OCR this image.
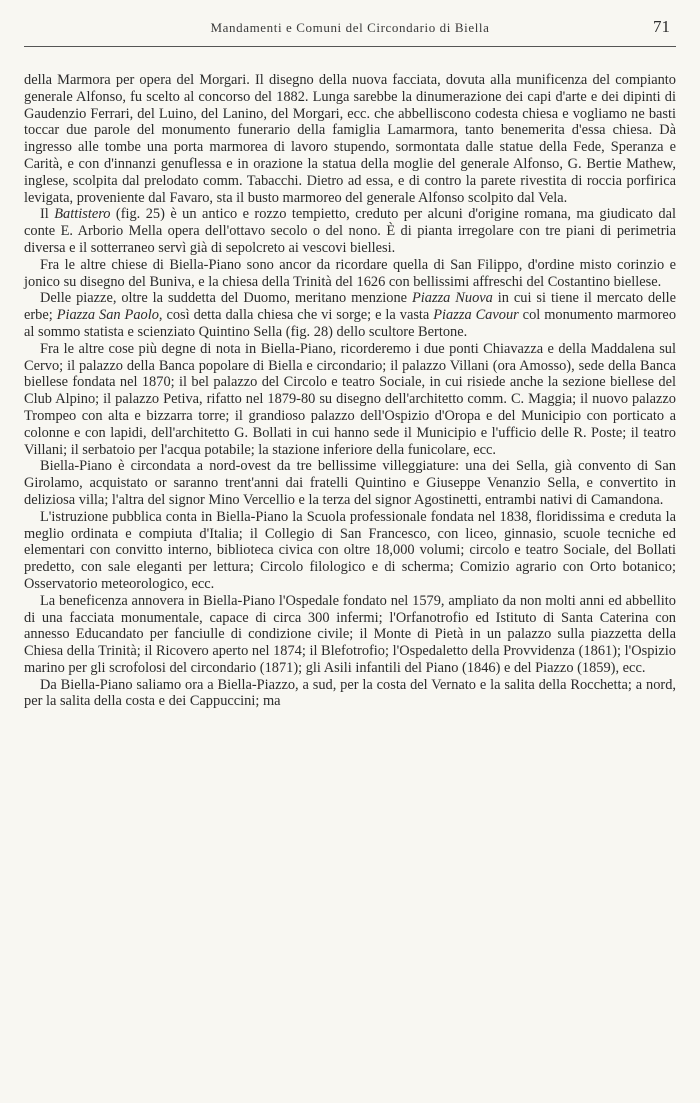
Mandamenti e Comuni del Circondario di Biella	71

della Marmora per opera del Morgari. Il disegno della nuova facciata, dovuta alla munificenza del compianto generale Alfonso, fu scelto al concorso del 1882. Lunga sarebbe la dinumerazione dei capi d'arte e dei dipinti di Gaudenzio Ferrari, del Luino, del Lanino, del Morgari, ecc. che abbelliscono codesta chiesa e vogliamo ne basti toccar due parole del monumento funerario della famiglia Lamarmora, tanto benemerita d'essa chiesa. Dà ingresso alle tombe una porta marmorea di lavoro stupendo, sormontata dalle statue della Fede, Speranza e Carità, e con d'innanzi genuflessa e in orazione la statua della moglie del generale Alfonso, G. Bertie Mathew, inglese, scolpita dal prelodato comm. Tabacchi. Dietro ad essa, e di contro la parete rivestita di roccia porfirica levigata, proveniente dal Favaro, sta il busto marmoreo del generale Alfonso scolpito dal Vela.

Il Battistero (fig. 25) è un antico e rozzo tempietto, creduto per alcuni d'origine romana, ma giudicato dal conte E. Arborio Mella opera dell'ottavo secolo o del nono. È di pianta irregolare con tre piani di perimetria diversa e il sotterraneo servì già di sepolcreto ai vescovi biellesi.

Fra le altre chiese di Biella-Piano sono ancor da ricordare quella di San Filippo, d'ordine misto corinzio e jonico su disegno del Buniva, e la chiesa della Trinità del 1626 con bellissimi affreschi del Costantino biellese.

Delle piazze, oltre la suddetta del Duomo, meritano menzione Piazza Nuova in cui si tiene il mercato delle erbe; Piazza San Paolo, così detta dalla chiesa che vi sorge; e la vasta Piazza Cavour col monumento marmoreo al sommo statista e scienziato Quintino Sella (fig. 28) dello scultore Bertone.

Fra le altre cose più degne di nota in Biella-Piano, ricorderemo i due ponti Chiavazza e della Maddalena sul Cervo; il palazzo della Banca popolare di Biella e circondario; il palazzo Villani (ora Amosso), sede della Banca biellese fondata nel 1870; il bel palazzo del Circolo e teatro Sociale, in cui risiede anche la sezione biellese del Club Alpino; il palazzo Petiva, rifatto nel 1879-80 su disegno dell'architetto comm. C. Maggia; il nuovo palazzo Trompeo con alta e bizzarra torre; il grandioso palazzo dell'Ospizio d'Oropa e del Municipio con porticato a colonne e con lapidi, dell'architetto G. Bollati in cui hanno sede il Municipio e l'ufficio delle R. Poste; il teatro Villani; il serbatoio per l'acqua potabile; la stazione inferiore della funicolare, ecc.

Biella-Piano è circondata a nord-ovest da tre bellissime villeggiature: una dei Sella, già convento di San Girolamo, acquistato or saranno trent'anni dai fratelli Quintino e Giuseppe Venanzio Sella, e convertito in deliziosa villa; l'altra del signor Mino Vercellio e la terza del signor Agostinetti, entrambi nativi di Camandona.

L'istruzione pubblica conta in Biella-Piano la Scuola professionale fondata nel 1838, floridissima e creduta la meglio ordinata e compiuta d'Italia; il Collegio di San Francesco, con liceo, ginnasio, scuole tecniche ed elementari con convitto interno, biblioteca civica con oltre 18,000 volumi; circolo e teatro Sociale, del Bollati predetto, con sale eleganti per lettura; Circolo filologico e di scherma; Comizio agrario con Orto botanico; Osservatorio meteorologico, ecc.

La beneficenza annovera in Biella-Piano l'Ospedale fondato nel 1579, ampliato da non molti anni ed abbellito di una facciata monumentale, capace di circa 300 infermi; l'Orfanotrofio ed Istituto di Santa Caterina con annesso Educandato per fanciulle di condizione civile; il Monte di Pietà in un palazzo sulla piazzetta della Chiesa della Trinità; il Ricovero aperto nel 1874; il Blefotrofio; l'Ospedaletto della Provvidenza (1861); l'Ospizio marino per gli scrofolosi del circondario (1871); gli Asili infantili del Piano (1846) e del Piazzo (1859), ecc.

Da Biella-Piano saliamo ora a Biella-Piazzo, a sud, per la costa del Vernato e la salita della Rocchetta; a nord, per la salita della costa e dei Cappuccini; ma
